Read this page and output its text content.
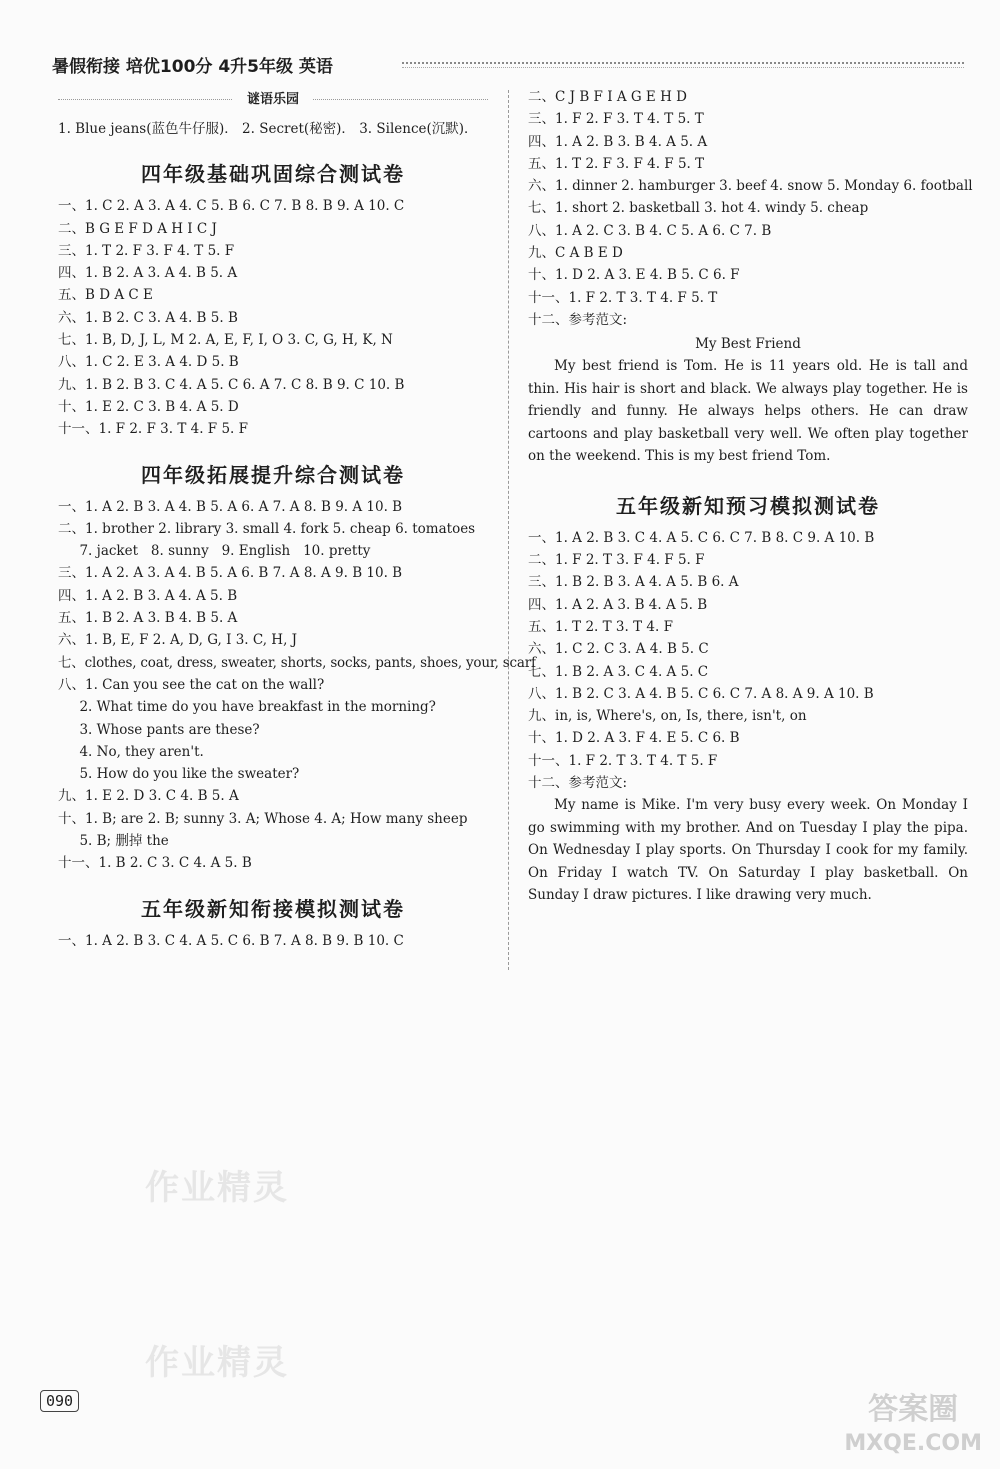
暑假衔接 培优100分 4升5年级 英语
谜语乐园
1. Blue jeans(蓝色牛仔服)． 2. Secret(秘密)． 3. Silence(沉默)．
四年级基础巩固综合测试卷
一、1. C 2. A 3. A 4. C 5. B 6. C 7. B 8. B 9. A 10. C
二、B G E F D A H I C J
三、1. T 2. F 3. F 4. T 5. F
四、1. B 2. A 3. A 4. B 5. A
五、B D A C E
六、1. B 2. C 3. A 4. B 5. B
七、1. B, D, J, L, M 2. A, E, F, I, O 3. C, G, H, K, N
八、1. C 2. E 3. A 4. D 5. B
九、1. B 2. B 3. C 4. A 5. C 6. A 7. C 8. B 9. C 10. B
十、1. E 2. C 3. B 4. A 5. D
十一、1. F 2. F 3. T 4. F 5. F
四年级拓展提升综合测试卷
一、1. A 2. B 3. A 4. B 5. A 6. A 7. A 8. B 9. A 10. B
二、1. brother 2. library 3. small 4. fork 5. cheap 6. tomatoes
7. jacket   8. sunny   9. English   10. pretty
三、1. A 2. A 3. A 4. B 5. A 6. B 7. A 8. A 9. B 10. B
四、1. A 2. B 3. A 4. A 5. B
五、1. B 2. A 3. B 4. B 5. A
六、1. B, E, F 2. A, D, G, I 3. C, H, J
七、clothes, coat, dress, sweater, shorts, socks, pants, shoes, your, scarf
八、1. Can you see the cat on the wall?
2. What time do you have breakfast in the morning?
3. Whose pants are these?
4. No, they aren't.
5. How do you like the sweater?
九、1. E 2. D 3. C 4. B 5. A
十、1. B; are 2. B; sunny 3. A; Whose 4. A; How many sheep
5. B; 删掉 the
十一、1. B 2. C 3. C 4. A 5. B
五年级新知衔接模拟测试卷
一、1. A 2. B 3. C 4. A 5. C 6. B 7. A 8. B 9. B 10. C
二、C J B F I A G E H D
三、1. F 2. F 3. T 4. T 5. T
四、1. A 2. B 3. B 4. A 5. A
五、1. T 2. F 3. F 4. F 5. T
六、1. dinner 2. hamburger 3. beef 4. snow 5. Monday 6. football
七、1. short 2. basketball 3. hot 4. windy 5. cheap
八、1. A 2. C 3. B 4. C 5. A 6. C 7. B
九、C A B E D
十、1. D 2. A 3. E 4. B 5. C 6. F
十一、1. F 2. T 3. T 4. F 5. T
十二、参考范文:
My Best Friend
My best friend is Tom. He is 11 years old. He is tall and thin. His hair is short and black. We always play together. He is friendly and funny. He always helps others. He can draw cartoons and play basketball very well. We often play together on the weekend. This is my best friend Tom.
五年级新知预习模拟测试卷
一、1. A 2. B 3. C 4. A 5. C 6. C 7. B 8. C 9. A 10. B
二、1. F 2. T 3. F 4. F 5. F
三、1. B 2. B 3. A 4. A 5. B 6. A
四、1. A 2. A 3. B 4. A 5. B
五、1. T 2. T 3. T 4. F
六、1. C 2. C 3. A 4. B 5. C
七、1. B 2. A 3. C 4. A 5. C
八、1. B 2. C 3. A 4. B 5. C 6. C 7. A 8. A 9. A 10. B
九、in, is, Where's, on, Is, there, isn't, on
十、1. D 2. A 3. F 4. E 5. C 6. B
十一、1. F 2. T 3. T 4. T 5. F
十二、参考范文:
My name is Mike. I'm very busy every week. On Monday I go swimming with my brother. And on Tuesday I play the pipa. On Wednesday I play sports. On Thursday I cook for my family. On Friday I watch TV. On Saturday I play basketball. On Sunday I draw pictures. I like drawing very much.
作业精灵
作业精灵
090	答案圈
MXQE.COM
